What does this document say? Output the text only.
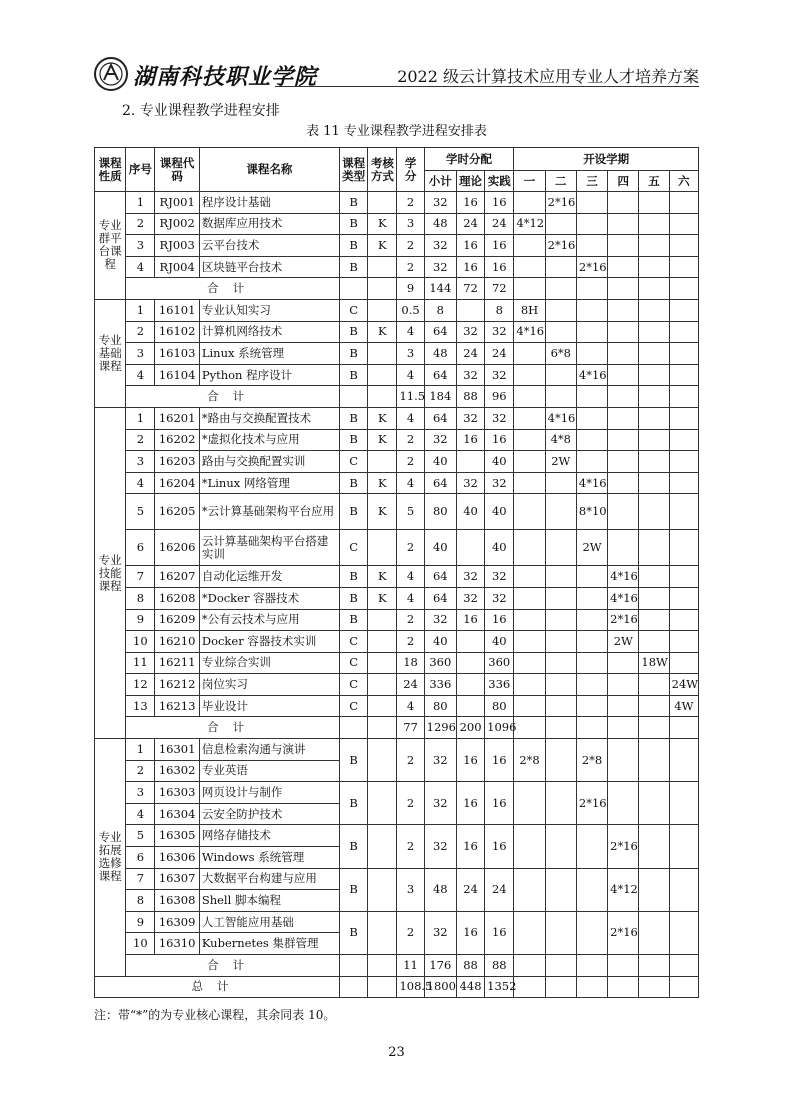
湖南科技职业学院	2022 级云计算技术应用专业人才培养方案
2. 专业课程教学进程安排
表 11 专业课程教学进程安排表
课程性质	序号	课程代码	课程名称	课程类型	考核方式	学分	学时分配			开设学期					
							小计	理论	实践	一	二	三	四	五	六
专业群平台课程	1	RJ001	程序设计基础	B		2	32	16	16		2*16				
	2	RJ002	数据库应用技术	B	K	3	48	24	24	4*12					
	3	RJ003	云平台技术	B	K	2	32	16	16		2*16				
	4	RJ004	区块链平台技术	B		2	32	16	16			2*16			
	合计					9	144	72	72						
专业基础课程	1	16101	专业认知实习	C		0.5	8		8	8H					
	2	16102	计算机网络技术	B	K	4	64	32	32	4*16					
	3	16103	Linux 系统管理	B		3	48	24	24		6*8				
	4	16104	Python 程序设计	B		4	64	32	32			4*16			
	合计					11.5	184	88	96						
专业技能课程	1	16201	*路由与交换配置技术	B	K	4	64	32	32		4*16				
	2	16202	*虚拟化技术与应用	B	K	2	32	16	16		4*8				
	3	16203	路由与交换配置实训	C		2	40		40		2W				
	4	16204	*Linux 网络管理	B	K	4	64	32	32			4*16			
	5	16205	*云计算基础架构平台应用	B	K	5	80	40	40			8*10			
	6	16206	云计算基础架构平台搭建实训	C		2	40		40			2W			
	7	16207	自动化运维开发	B	K	4	64	32	32				4*16		
	8	16208	*Docker 容器技术	B	K	4	64	32	32				4*16		
	9	16209	*公有云技术与应用	B		2	32	16	16				2*16		
	10	16210	Docker 容器技术实训	C		2	40		40				2W		
	11	16211	专业综合实训	C		18	360		360					18W	
	12	16212	岗位实习	C		24	336		336						24W
	13	16213	毕业设计	C		4	80		80						4W
	合计					77	1296	200	1096						
专业拓展选修课程	1	16301	信息检索沟通与演讲	B		2	32	16	16	2*8		2*8			
	2	16302	专业英语												
	3	16303	网页设计与制作	B		2	32	16	16			2*16			
	4	16304	云安全防护技术												
	5	16305	网络存储技术	B		2	32	16	16				2*16		
	6	16306	Windows 系统管理												
	7	16307	大数据平台构建与应用	B		3	48	24	24				4*12		
	8	16308	Shell 脚本编程												
	9	16309	人工智能应用基础	B		2	32	16	16				2*16		
	10	16310	Kubernetes 集群管理												
	合计					11	176	88	88						
总计						108.5	1800	448	1352						
注：带“*”的为专业核心课程，其余同表 10。
23
